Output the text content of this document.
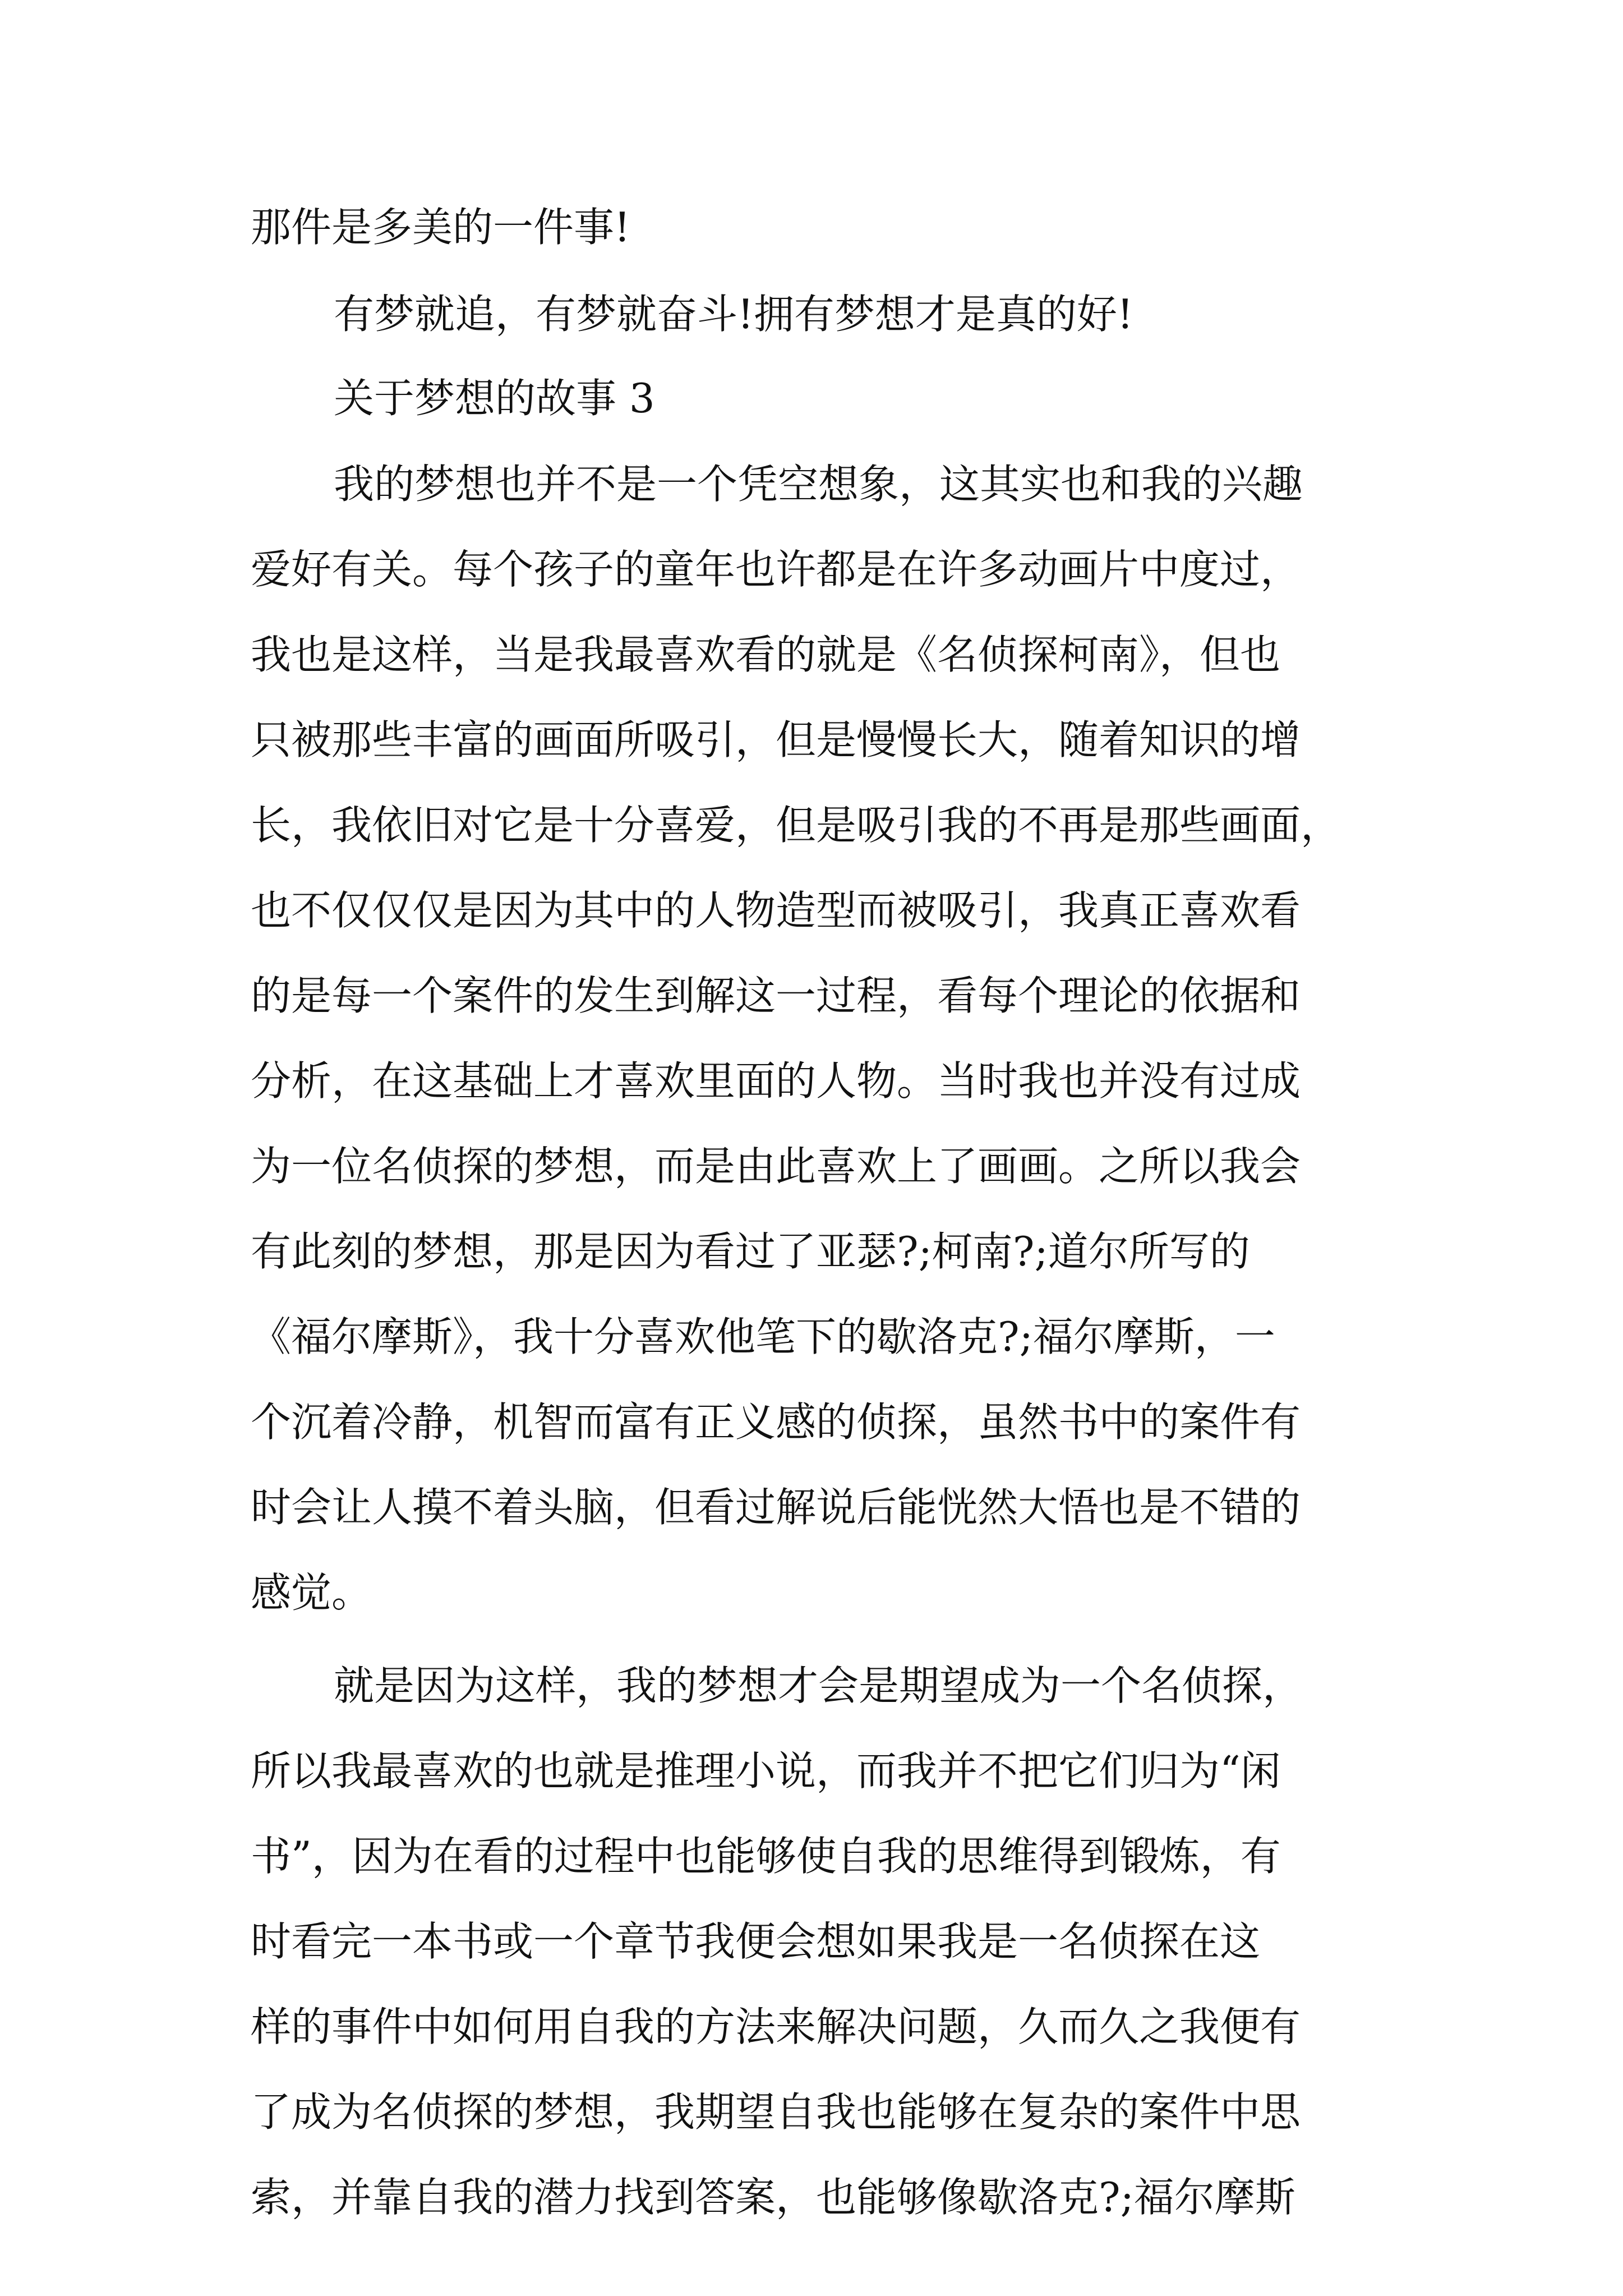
那件是多美的一件事!
有梦就追，有梦就奋斗!拥有梦想才是真的好!
关于梦想的故事 3
我的梦想也并不是一个凭空想象，这其实也和我的兴趣
爱好有关。每个孩子的童年也许都是在许多动画片中度过，
我也是这样，当是我最喜欢看的就是《名侦探柯南》，但也
只被那些丰富的画面所吸引，但是慢慢长大，随着知识的增
长，我依旧对它是十分喜爱，但是吸引我的不再是那些画面，
也不仅仅仅是因为其中的人物造型而被吸引，我真正喜欢看
的是每一个案件的发生到解这一过程，看每个理论的依据和
分析，在这基础上才喜欢里面的人物。当时我也并没有过成
为一位名侦探的梦想，而是由此喜欢上了画画。之所以我会
有此刻的梦想，那是因为看过了亚瑟?;柯南?;道尔所写的
《福尔摩斯》，我十分喜欢他笔下的歇洛克?;福尔摩斯，一
个沉着冷静，机智而富有正义感的侦探，虽然书中的案件有
时会让人摸不着头脑，但看过解说后能恍然大悟也是不错的
感觉。
就是因为这样，我的梦想才会是期望成为一个名侦探，
所以我最喜欢的也就是推理小说，而我并不把它们归为“闲
书”，因为在看的过程中也能够使自我的思维得到锻炼，有
时看完一本书或一个章节我便会想如果我是一名侦探在这
样的事件中如何用自我的方法来解决问题，久而久之我便有
了成为名侦探的梦想，我期望自我也能够在复杂的案件中思
索，并靠自我的潜力找到答案，也能够像歇洛克?;福尔摩斯
